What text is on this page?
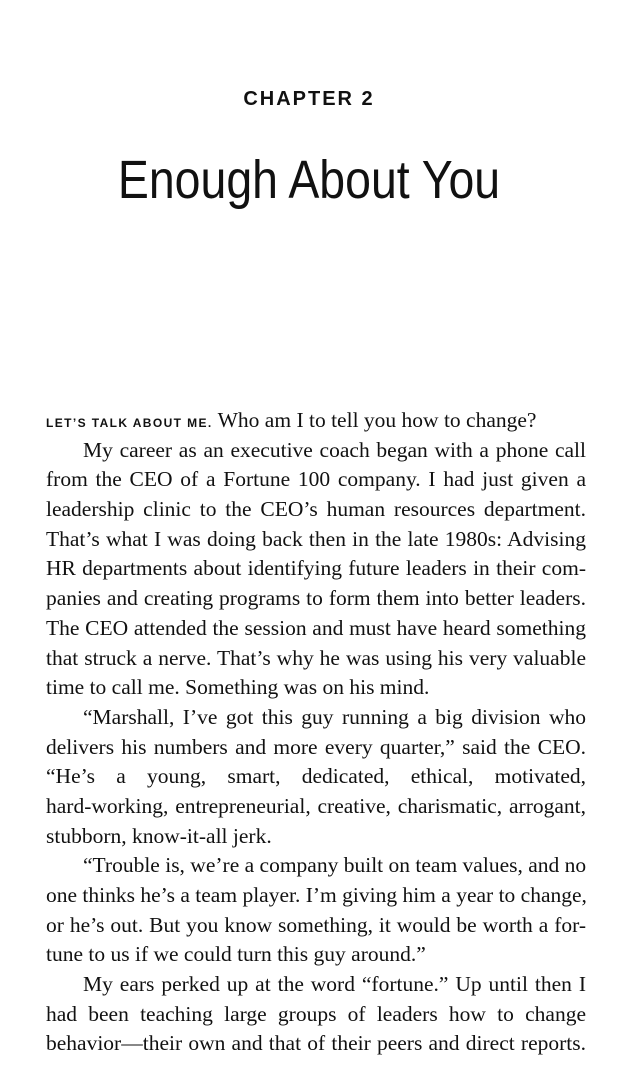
CHAPTER 2
Enough About You
LET’S TALK ABOUT ME. Who am I to tell you how to change?
My career as an executive coach began with a phone call
from the CEO of a Fortune 100 company. I had just given a
leadership clinic to the CEO’s human resources department.
That’s what I was doing back then in the late 1980s: Advising
HR departments about identifying future leaders in their com-
panies and creating programs to form them into better leaders.
The CEO attended the session and must have heard something
that struck a nerve. That’s why he was using his very valuable
time to call me. Something was on his mind.
“Marshall, I’ve got this guy running a big division who
delivers his numbers and more every quarter,” said the CEO.
“He’s a young, smart, dedicated, ethical, motivated,
hard-working, entrepreneurial, creative, charismatic, arrogant,
stubborn, know-it-all jerk.
“Trouble is, we’re a company built on team values, and no
one thinks he’s a team player. I’m giving him a year to change,
or he’s out. But you know something, it would be worth a for-
tune to us if we could turn this guy around.”
My ears perked up at the word “fortune.” Up until then I
had been teaching large groups of leaders how to change
behavior—their own and that of their peers and direct reports.
